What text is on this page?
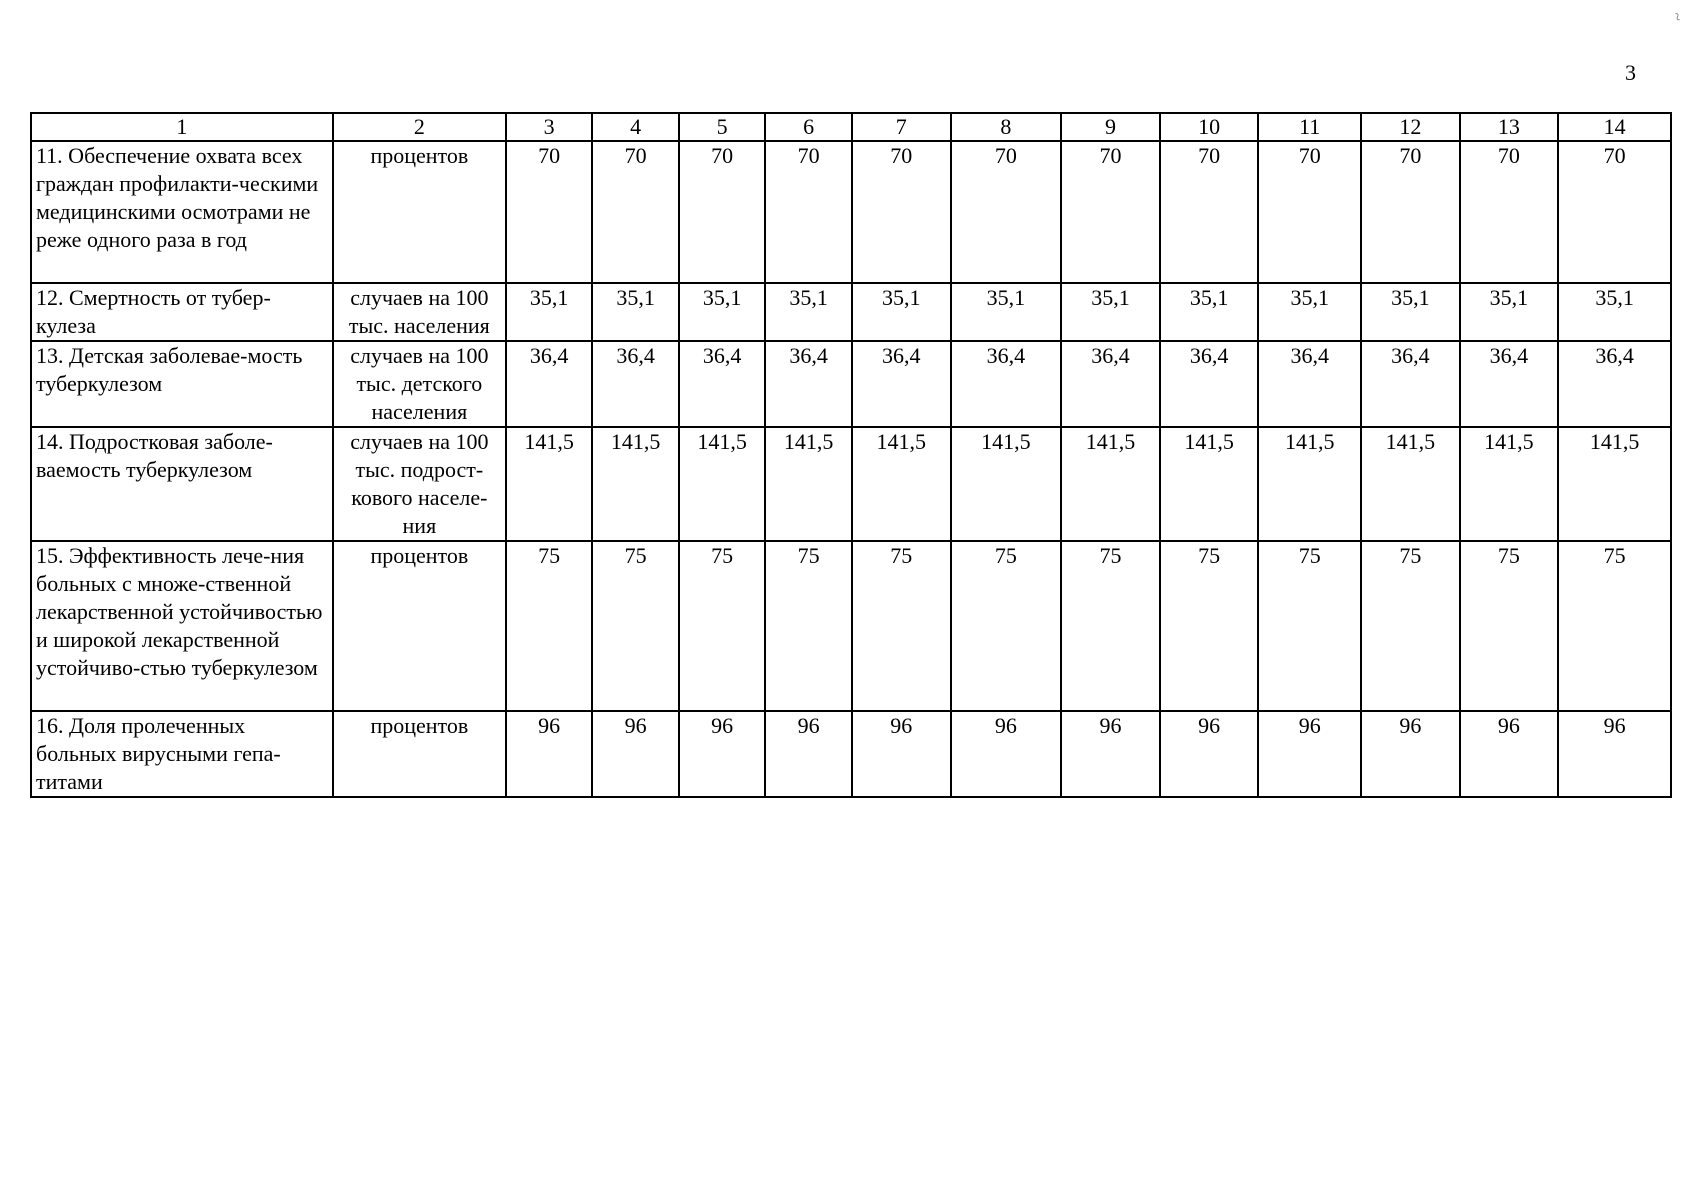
3
~
1	2	3	4	5	6	7	8	9	10	11	12	13	14
11. Обеспечение охвата всех граждан профилакти-ческими медицинскими осмотрами не реже одного раза в год	процентов	70	70	70	70	70	70	70	70	70	70	70	70
12. Смертность от тубер-кулеза	случаев на 100 тыс. населения	35,1	35,1	35,1	35,1	35,1	35,1	35,1	35,1	35,1	35,1	35,1	35,1
13. Детская заболевае-мость туберкулезом	случаев на 100 тыс. детского населения	36,4	36,4	36,4	36,4	36,4	36,4	36,4	36,4	36,4	36,4	36,4	36,4
14. Подростковая заболе-ваемость туберкулезом	случаев на 100 тыс. подрост-кового населе-ния	141,5	141,5	141,5	141,5	141,5	141,5	141,5	141,5	141,5	141,5	141,5	141,5
15. Эффективность лече-ния больных с множе-ственной лекарственной устойчивостью и широкой лекарственной устойчиво-стью туберкулезом	процентов	75	75	75	75	75	75	75	75	75	75	75	75
16. Доля пролеченных больных вирусными гепа-титами	процентов	96	96	96	96	96	96	96	96	96	96	96	96
